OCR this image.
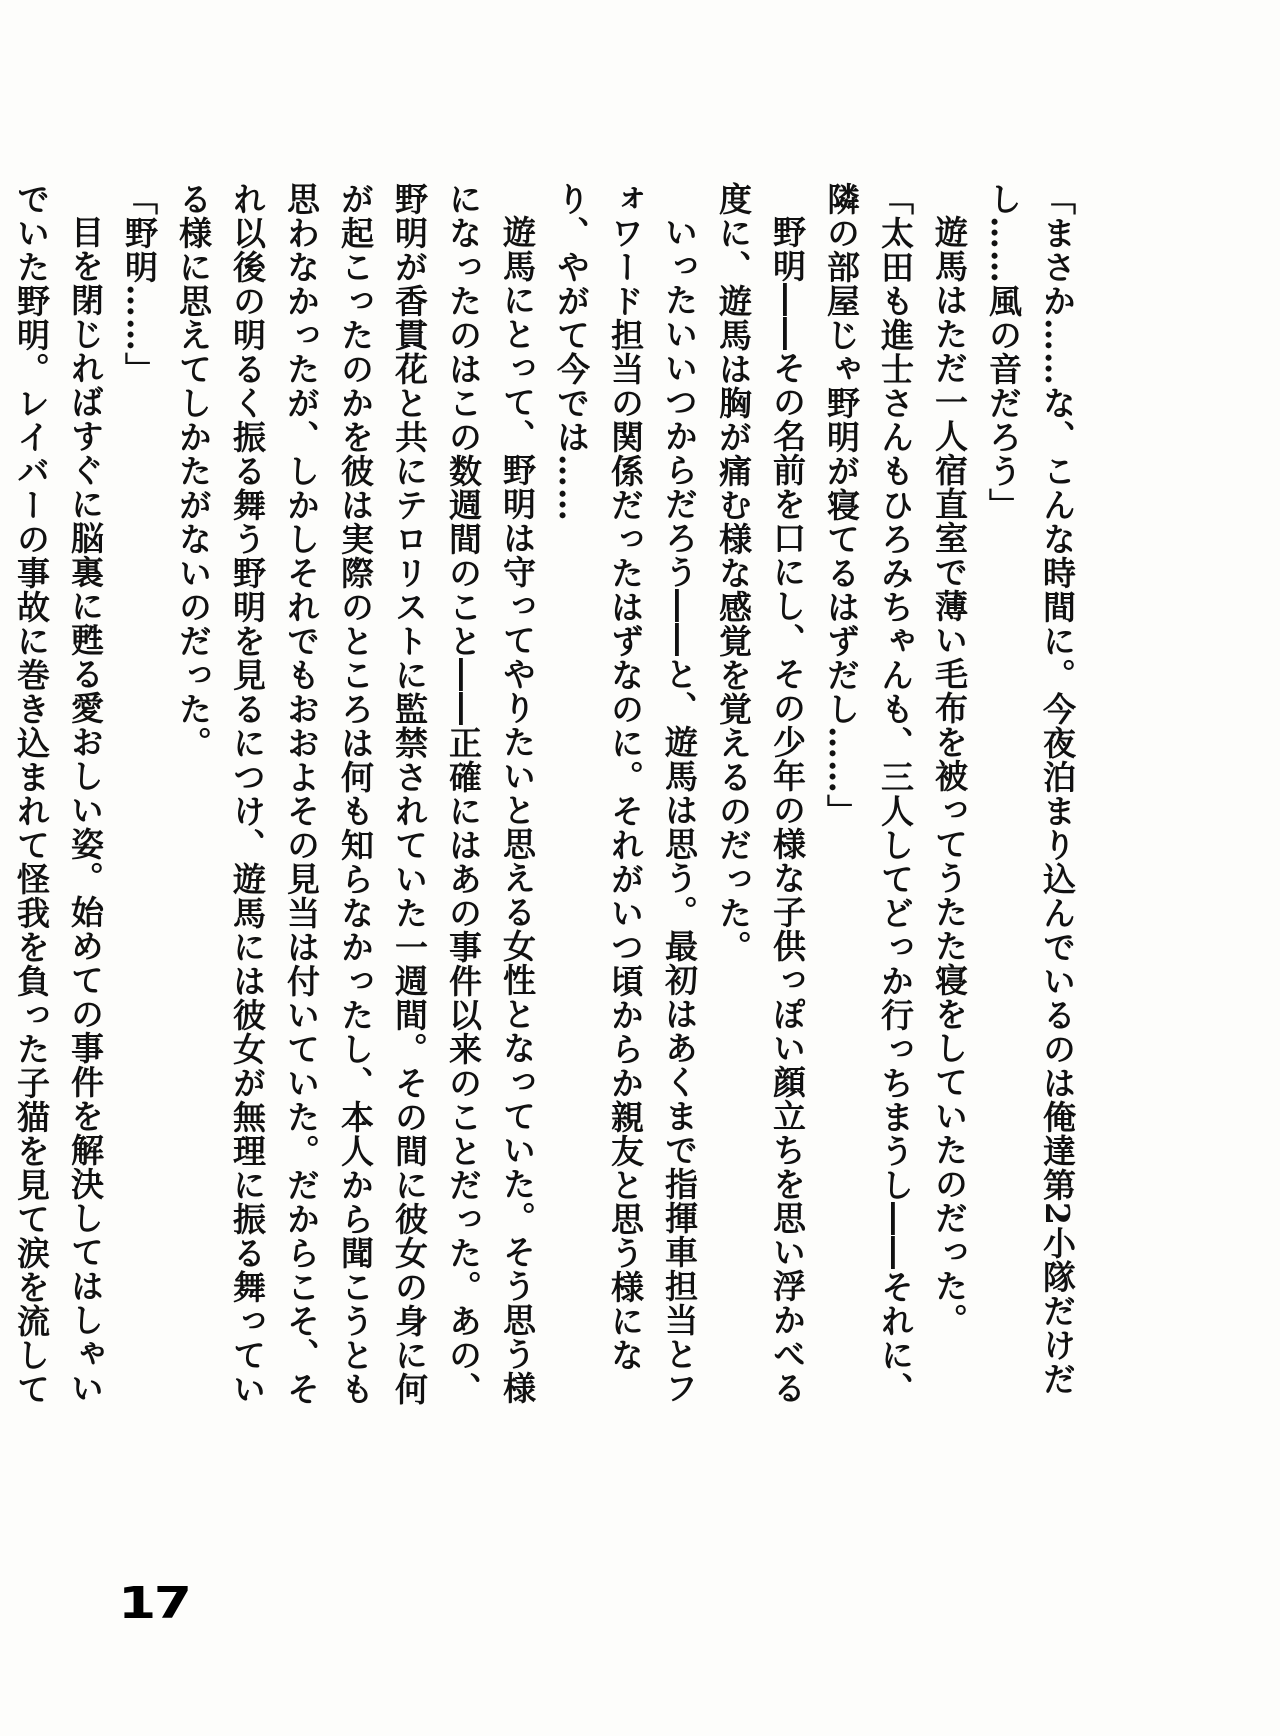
「まさか……な、こんな時間に。今夜泊まり込んでいるのは俺達第2小隊だけだし……風の音だろう」

遊馬はただ一人宿直室で薄い毛布を被ってうたた寝をしていたのだった。

「太田も進士さんもひろみちゃんも、三人してどっか行っちまうし――それに、隣の部屋じゃ野明が寝てるはずだし……」

野明――その名前を口にし、その少年の様な子供っぽい顔立ちを思い浮かべる度に、遊馬は胸が痛む様な感覚を覚えるのだった。

いったいいつからだろう――と、遊馬は思う。最初はあくまで指揮車担当とフォワード担当の関係だったはずなのに。それがいつ頃からか親友と思う様になり、やがて今では……

遊馬にとって、野明は守ってやりたいと思える女性となっていた。そう思う様になったのはこの数週間のこと――正確にはあの事件以来のことだった。あの、野明が香貫花と共にテロリストに監禁されていた一週間。その間に彼女の身に何が起こったのかを彼は実際のところは何も知らなかったし、本人から聞こうとも思わなかったが、しかしそれでもおおよその見当は付いていた。だからこそ、それ以後の明るく振る舞う野明を見るにつけ、遊馬には彼女が無理に振る舞っている様に思えてしかたがないのだった。

「野明……」

目を閉じればすぐに脳裏に甦る愛おしい姿。始めての事件を解決してはしゃいでいた野明。レイバーの事故に巻き込まれて怪我を負った子猫を見て涙を流して

17
